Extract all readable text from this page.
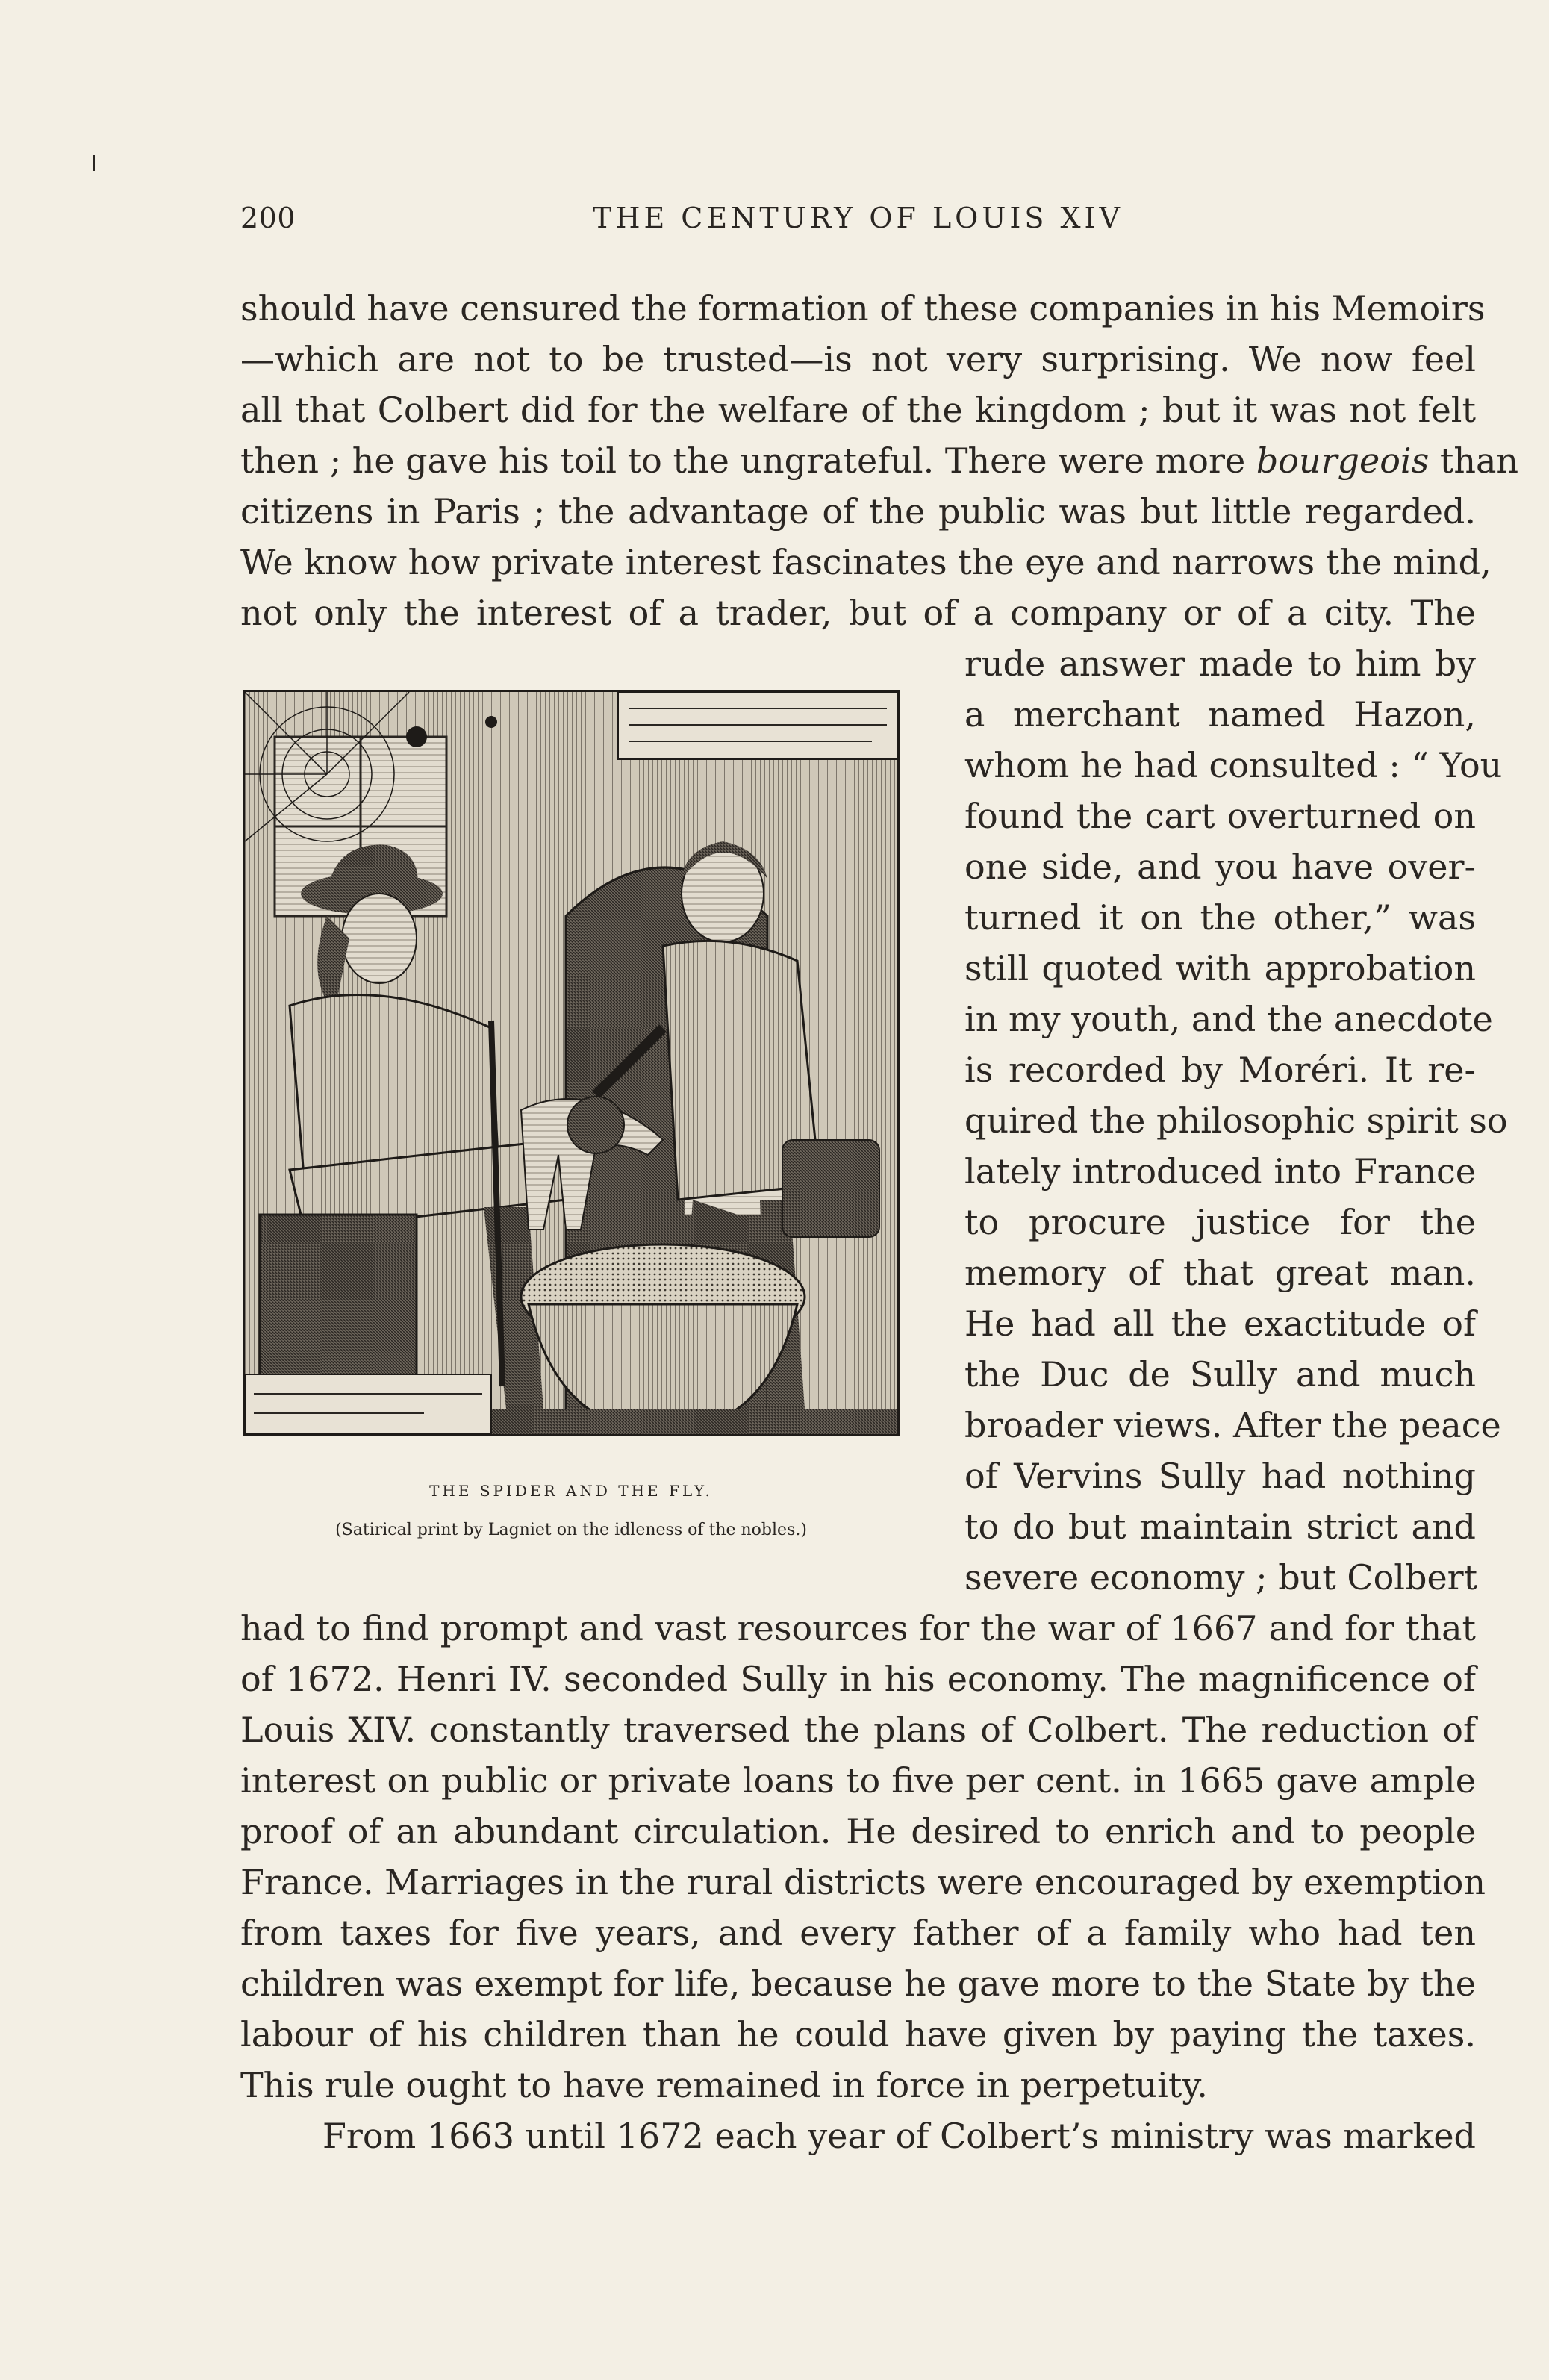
200	THE CENTURY OF LOUIS XIV
should have censured the formation of these companies in his Memoirs
—which are not to be trusted—is not very surprising. We now feel
all that Colbert did for the welfare of the kingdom ; but it was not felt
then ; he gave his toil to the ungrateful. There were more bourgeois than
citizens in Paris ; the advantage of the public was but little regarded.
We know how private interest fascinates the eye and narrows the mind,
not only the interest of a trader, but of a company or of a city. The
rude answer made to him by
a merchant named Hazon,
whom he had consulted : “ You
found the cart overturned on
one side, and you have over-
turned it on the other,” was
still quoted with approbation
in my youth, and the anecdote
is recorded by Moréri. It re-
quired the philosophic spirit so
lately introduced into France
to procure justice for the
memory of that great man.
He had all the exactitude of
the Duc de Sully and much
broader views. After the peace
of Vervins Sully had nothing
to do but maintain strict and
severe economy ; but Colbert
had to find prompt and vast resources for the war of 1667 and for that
of 1672. Henri IV. seconded Sully in his economy. The magnificence of
Louis XIV. constantly traversed the plans of Colbert. The reduction of
interest on public or private loans to five per cent. in 1665 gave ample
proof of an abundant circulation. He desired to enrich and to people
France. Marriages in the rural districts were encouraged by exemption
from taxes for five years, and every father of a family who had ten
children was exempt for life, because he gave more to the State by the
labour of his children than he could have given by paying the taxes.
This rule ought to have remained in force in perpetuity.
From 1663 until 1672 each year of Colbert’s ministry was marked
THE SPIDER AND THE FLY.
(Satirical print by Lagniet on the idleness of the nobles.)
